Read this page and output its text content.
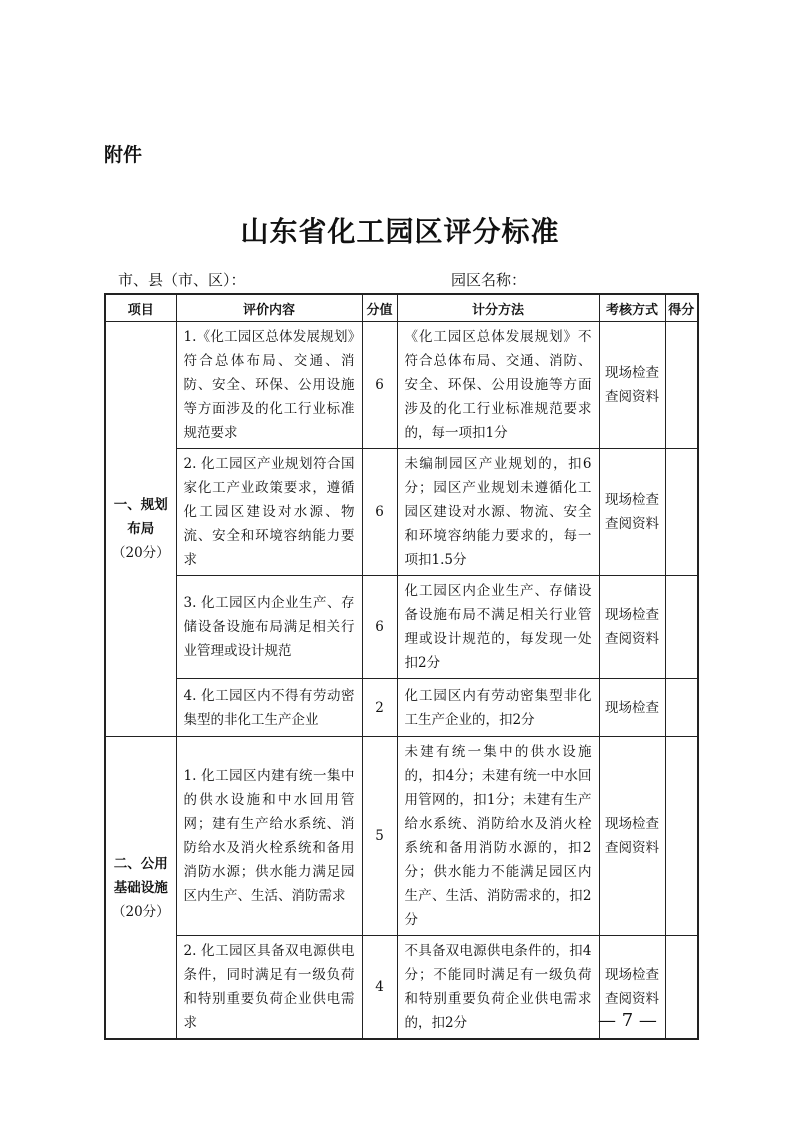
附件
山东省化工园区评分标准
市、县（市、区）：	园区名称：
项目	评价内容	分值	计分方法	考核方式	得分
一、规划布局（20分）	1.《化工园区总体发展规划》符合总体布局、交通、消防、安全、环保、公用设施等方面涉及的化工行业标准规范要求	6	《化工园区总体发展规划》不符合总体布局、交通、消防、安全、环保、公用设施等方面涉及的化工行业标准规范要求的，每一项扣1分	现场检查查阅资料	
	2. 化工园区产业规划符合国家化工产业政策要求，遵循化工园区建设对水源、物流、安全和环境容纳能力要求	6	未编制园区产业规划的，扣6分；园区产业规划未遵循化工园区建设对水源、物流、安全和环境容纳能力要求的，每一项扣1.5分	现场检查查阅资料	
	3. 化工园区内企业生产、存储设备设施布局满足相关行业管理或设计规范	6	化工园区内企业生产、存储设备设施布局不满足相关行业管理或设计规范的，每发现一处扣2分	现场检查查阅资料	
	4. 化工园区内不得有劳动密集型的非化工生产企业	2	化工园区内有劳动密集型非化工生产企业的，扣2分	现场检查	
二、公用基础设施（20分）	1. 化工园区内建有统一集中的供水设施和中水回用管网；建有生产给水系统、消防给水及消火栓系统和备用消防水源；供水能力满足园区内生产、生活、消防需求	5	未建有统一集中的供水设施的，扣4分；未建有统一中水回用管网的，扣1分；未建有生产给水系统、消防给水及消火栓系统和备用消防水源的，扣2分；供水能力不能满足园区内生产、生活、消防需求的，扣2分	现场检查查阅资料	
	2. 化工园区具备双电源供电条件，同时满足有一级负荷和特别重要负荷企业供电需求	4	不具备双电源供电条件的，扣4分；不能同时满足有一级负荷和特别重要负荷企业供电需求的，扣2分	现场检查查阅资料	
— 7 —
